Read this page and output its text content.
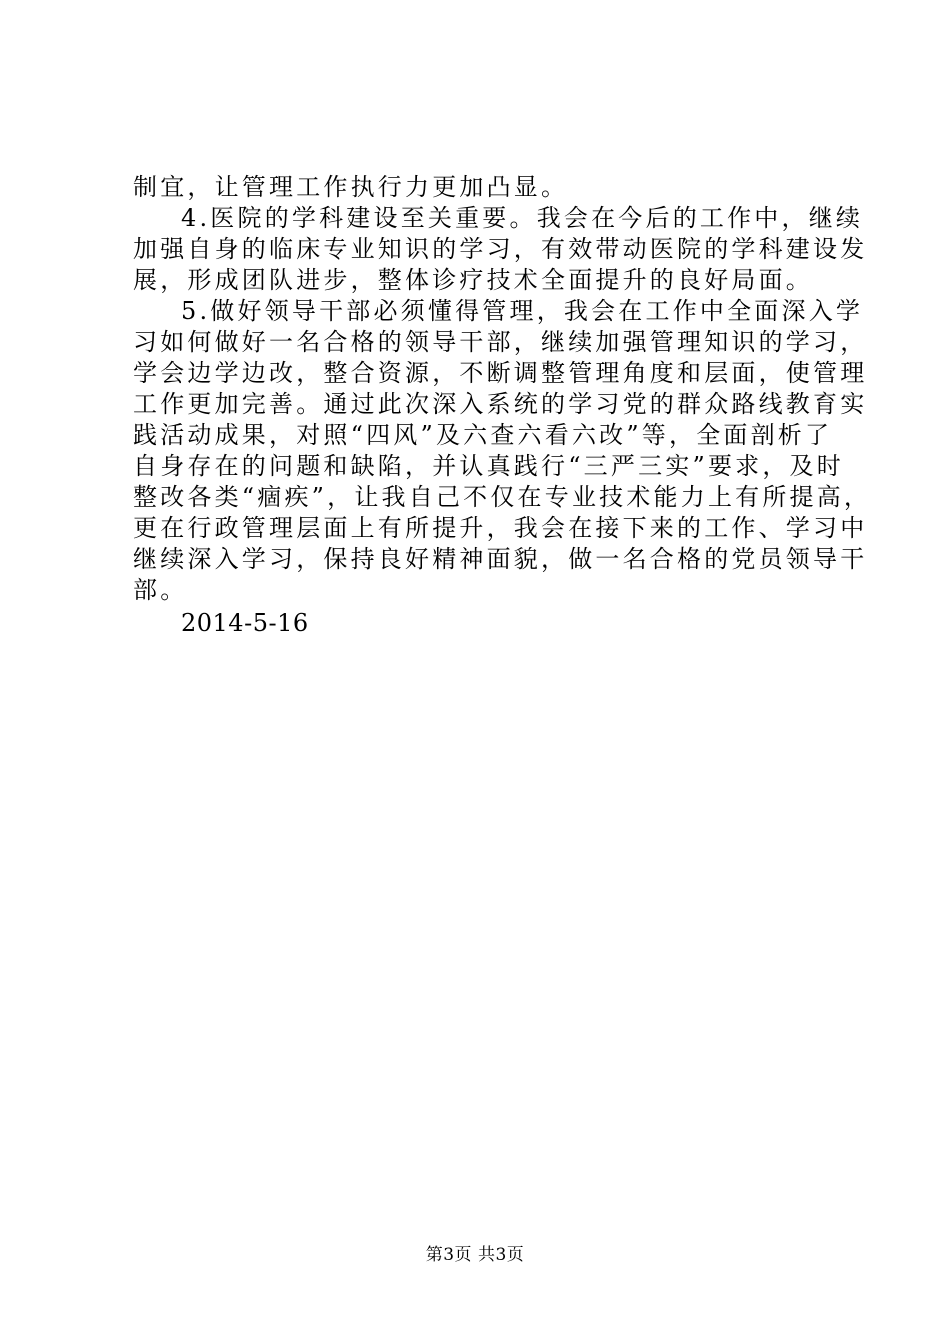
制宜，让管理工作执行力更加凸显。
4.医院的学科建设至关重要。我会在今后的工作中，继续
加强自身的临床专业知识的学习，有效带动医院的学科建设发
展，形成团队进步，整体诊疗技术全面提升的良好局面。
5.做好领导干部必须懂得管理，我会在工作中全面深入学
习如何做好一名合格的领导干部，继续加强管理知识的学习，
学会边学边改，整合资源，不断调整管理角度和层面，使管理
工作更加完善。通过此次深入系统的学习党的群众路线教育实
践活动成果，对照“四风”及六查六看六改”等，全面剖析了
自身存在的问题和缺陷，并认真践行“三严三实”要求，及时
整改各类“痼疾”，让我自己不仅在专业技术能力上有所提高，
更在行政管理层面上有所提升，我会在接下来的工作、学习中
继续深入学习，保持良好精神面貌，做一名合格的党员领导干
部。
2014-5-16
第3页 共3页
